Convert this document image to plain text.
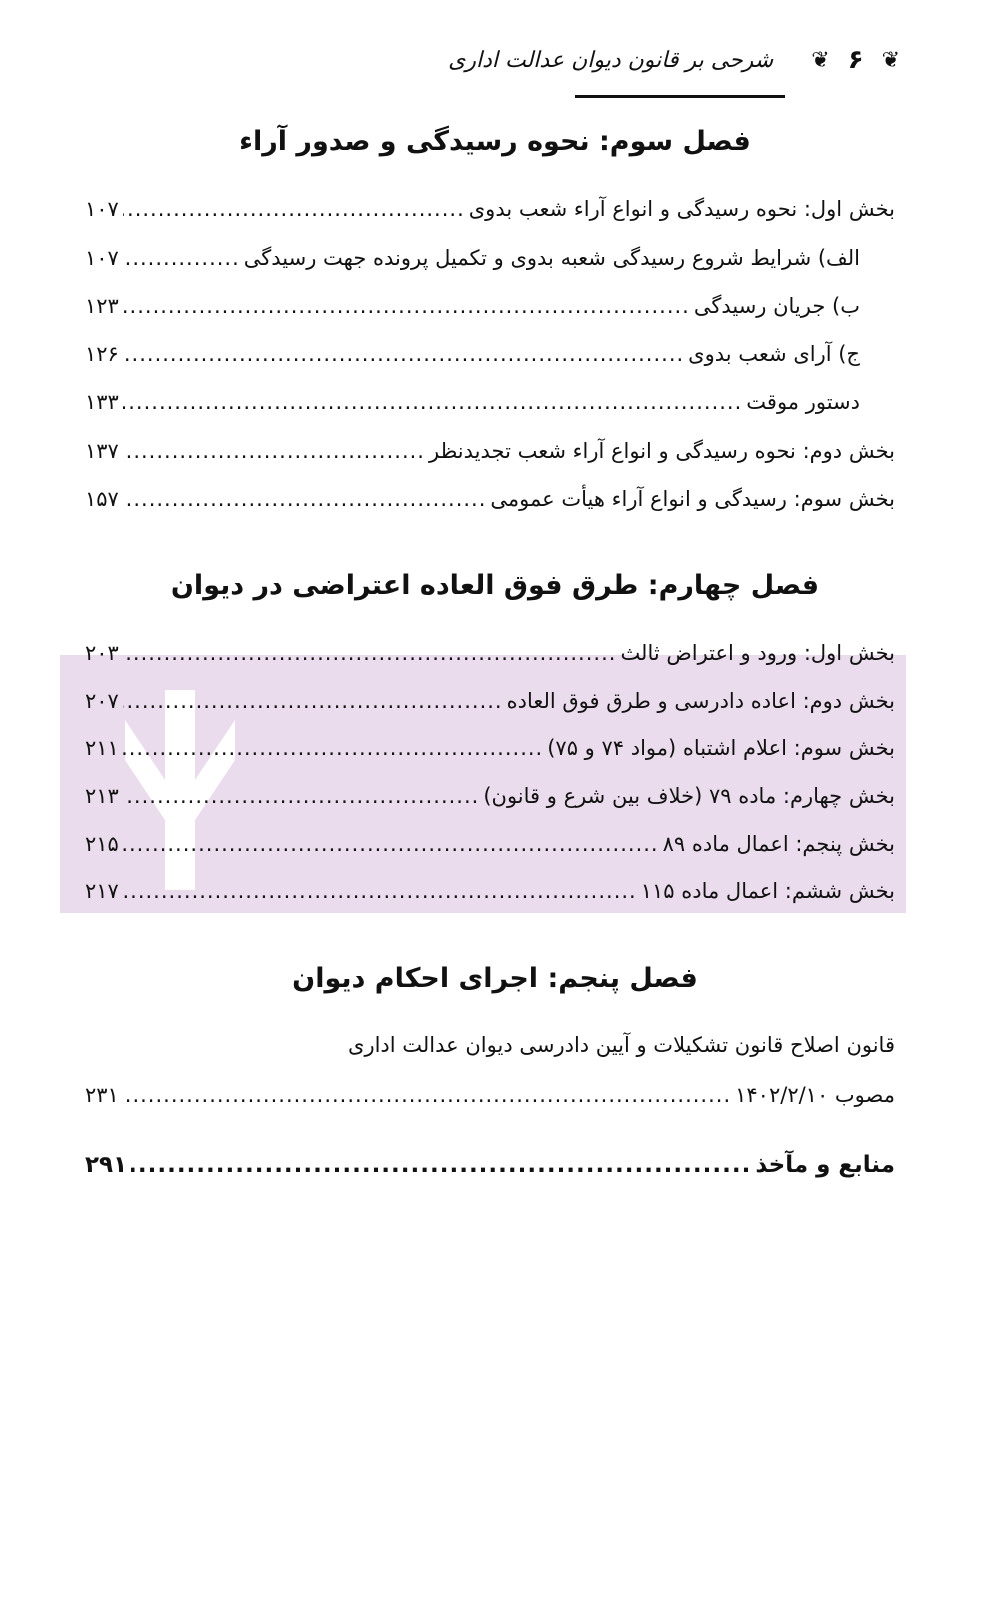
❦
۶
❦
شرحی بر قانون دیوان عدالت اداری
فصل سوم: نحوه رسیدگی و صدور آراء
بخش اول: نحوه رسیدگی و انواع آراء شعب بدوی
.....
۱۰۷
الف) شرایط شروع رسیدگی شعبه بدوی و تکمیل پرونده جهت رسیدگی
.....
۱۰۷
ب) جریان رسیدگی
.....
۱۲۳
ج) آرای شعب بدوی
.....
۱۲۶
دستور موقت
.....
۱۳۳
بخش دوم: نحوه رسیدگی و انواع آراء شعب تجدیدنظر
.....
۱۳۷
بخش سوم: رسیدگی و انواع آراء هیأت عمومی
.....
۱۵۷
فصل چهارم: طرق فوق العاده اعتراضی در دیوان
بخش اول: ورود و اعتراض ثالث
.....
۲۰۳
بخش دوم: اعاده دادرسی و طرق فوق العاده
.....
۲۰۷
بخش سوم: اعلام اشتباه (مواد ۷۴ و ۷۵)
.....
۲۱۱
بخش چهارم: ماده ۷۹ (خلاف بین شرع و قانون)
.....
۲۱۳
بخش پنجم: اعمال ماده ۸۹
.....
۲۱۵
بخش ششم: اعمال ماده ۱۱۵
.....
۲۱۷
فصل پنجم: اجرای احکام دیوان
قانون اصلاح قانون تشکیلات و آیین دادرسی دیوان عدالت اداری
مصوب ۱۴۰۲/۲/۱۰
.....
۲۳۱
منابع و مآخذ
.....
۲۹۱
